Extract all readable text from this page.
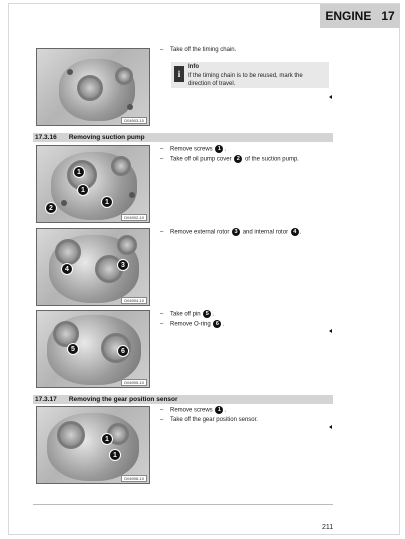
ENGINE 17
D04903-10
–	Take off the timing chain.
i
Info
If the timing chain is to be reused, mark the direction of travel.
17.3.16 Removing suction pump
1
1
1
2
D04902-10
–	Remove screws 1 .
–	Take off oil pump cover 2 of the suction pump.
3
4
D04904-10
–	Remove external rotor 3 and internal rotor 4 .
5	6
D04905-10
–	Take off pin 5 .
–	Remove O-ring 6 .
17.3.17 Removing the gear position sensor
1
1
D04906-10
–	Remove screws 1 .
–	Take off the gear position sensor.
211
